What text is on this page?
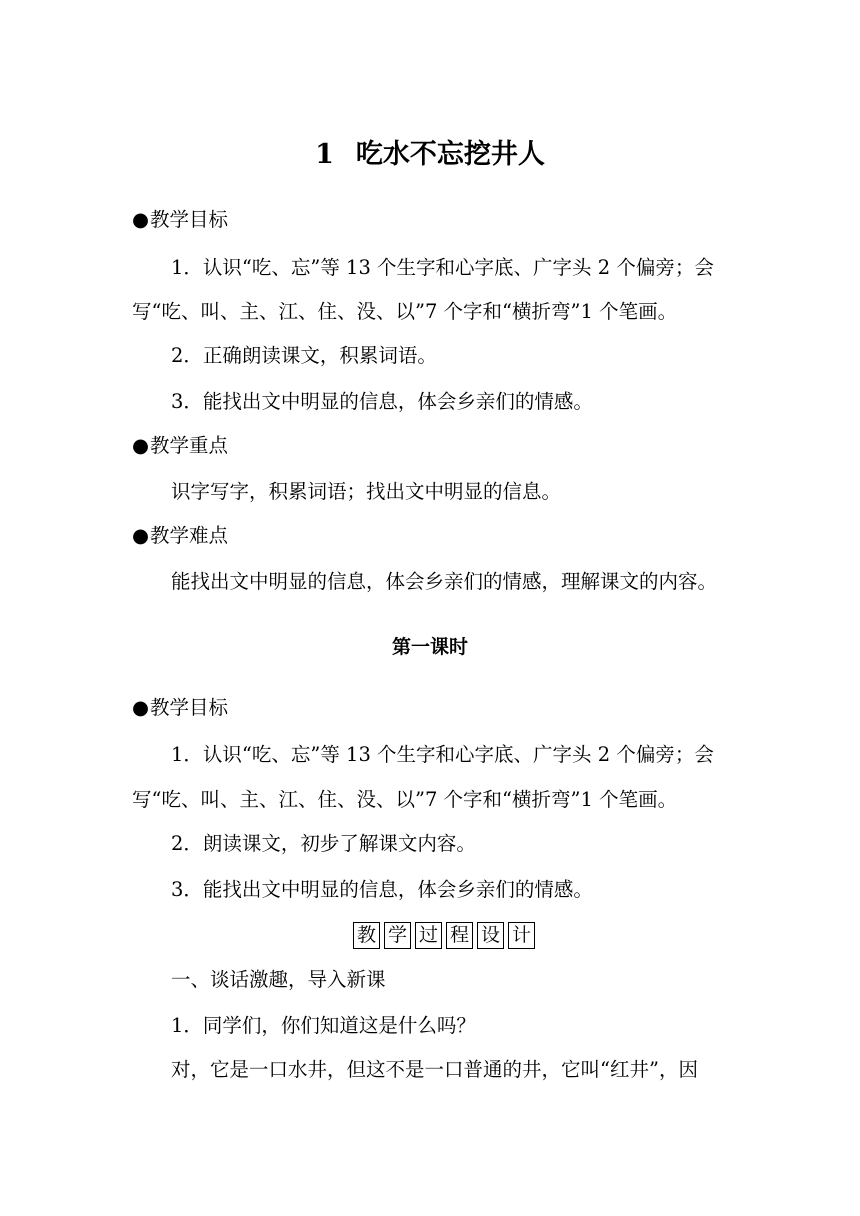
1 吃水不忘挖井人
●教学目标
1．认识“吃、忘”等 13 个生字和心字底、广字头 2 个偏旁；会
写“吃、叫、主、江、住、没、以”7 个字和“横折弯”1 个笔画。
2．正确朗读课文，积累词语。
3．能找出文中明显的信息，体会乡亲们的情感。
●教学重点
识字写字，积累词语；找出文中明显的信息。
●教学难点
能找出文中明显的信息，体会乡亲们的情感，理解课文的内容。
第一课时
●教学目标
1．认识“吃、忘”等 13 个生字和心字底、广字头 2 个偏旁；会
写“吃、叫、主、江、住、没、以”7 个字和“横折弯”1 个笔画。
2．朗读课文，初步了解课文内容。
3．能找出文中明显的信息，体会乡亲们的情感。
教 学 过 程 设 计
一、谈话激趣，导入新课
1．同学们，你们知道这是什么吗？
对，它是一口水井，但这不是一口普通的井，它叫“红井”，因
